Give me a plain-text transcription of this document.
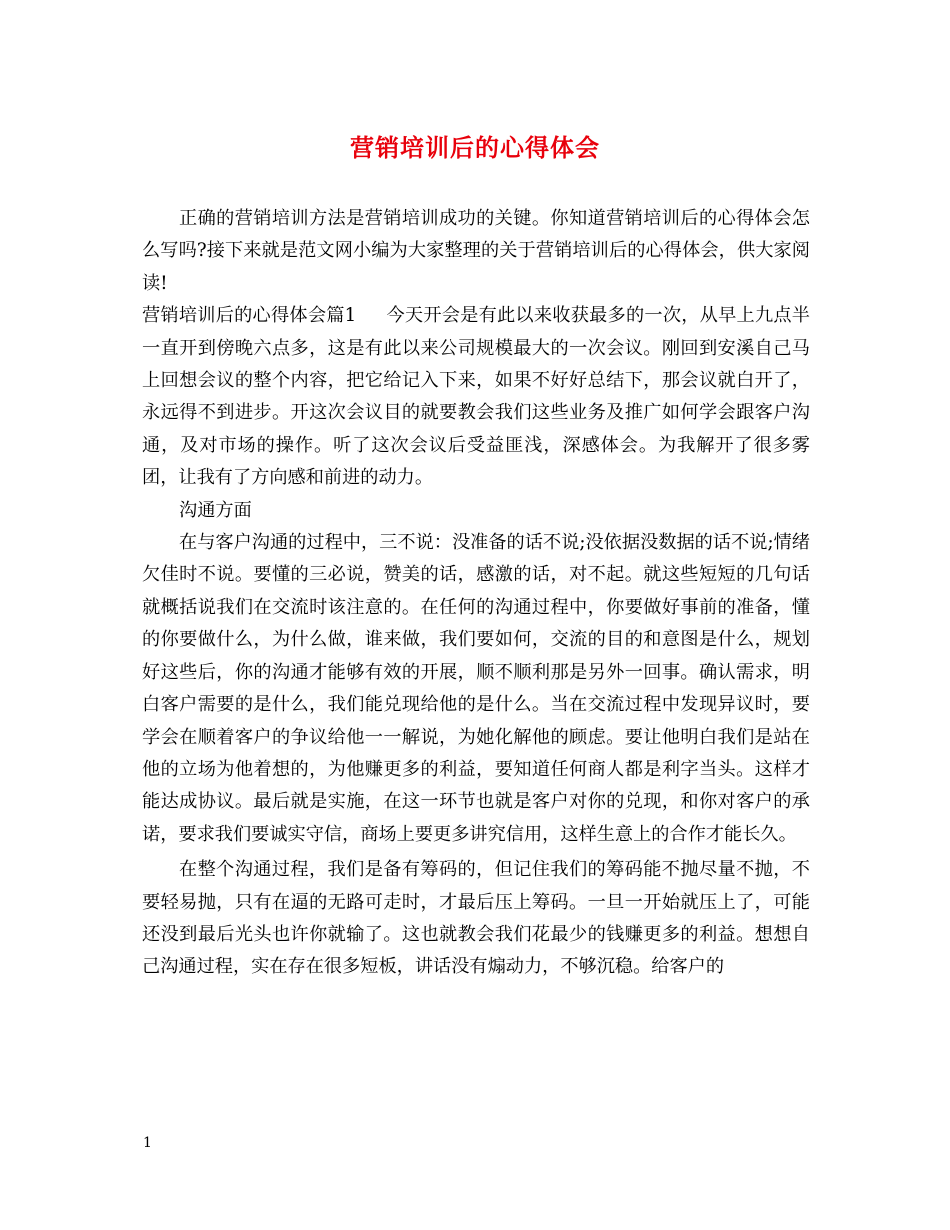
营销培训后的心得体会

正确的营销培训方法是营销培训成功的关键。你知道营销培训后的心得体会怎么写吗?接下来就是范文网小编为大家整理的关于营销培训后的心得体会，供大家阅读!

营销培训后的心得体会篇1 今天开会是有此以来收获最多的一次，从早上九点半一直开到傍晚六点多，这是有此以来公司规模最大的一次会议。刚回到安溪自己马上回想会议的整个内容，把它给记入下来，如果不好好总结下，那会议就白开了，永远得不到进步。开这次会议目的就要教会我们这些业务及推广如何学会跟客户沟通，及对市场的操作。听了这次会议后受益匪浅，深感体会。为我解开了很多雾团，让我有了方向感和前进的动力。

沟通方面

在与客户沟通的过程中，三不说：没准备的话不说;没依据没数据的话不说;情绪欠佳时不说。要懂的三必说，赞美的话，感激的话，对不起。就这些短短的几句话就概括说我们在交流时该注意的。在任何的沟通过程中，你要做好事前的准备，懂的你要做什么，为什么做，谁来做，我们要如何，交流的目的和意图是什么，规划好这些后，你的沟通才能够有效的开展，顺不顺利那是另外一回事。确认需求，明白客户需要的是什么，我们能兑现给他的是什么。当在交流过程中发现异议时，要学会在顺着客户的争议给他一一解说，为她化解他的顾虑。要让他明白我们是站在他的立场为他着想的，为他赚更多的利益，要知道任何商人都是利字当头。这样才能达成协议。最后就是实施，在这一环节也就是客户对你的兑现，和你对客户的承诺，要求我们要诚实守信，商场上要更多讲究信用，这样生意上的合作才能长久。

在整个沟通过程，我们是备有筹码的，但记住我们的筹码能不抛尽量不抛，不要轻易抛，只有在逼的无路可走时，才最后压上筹码。一旦一开始就压上了，可能还没到最后光头也许你就输了。这也就教会我们花最少的钱赚更多的利益。想想自己沟通过程，实在存在很多短板，讲话没有煽动力，不够沉稳。给客户的

1
